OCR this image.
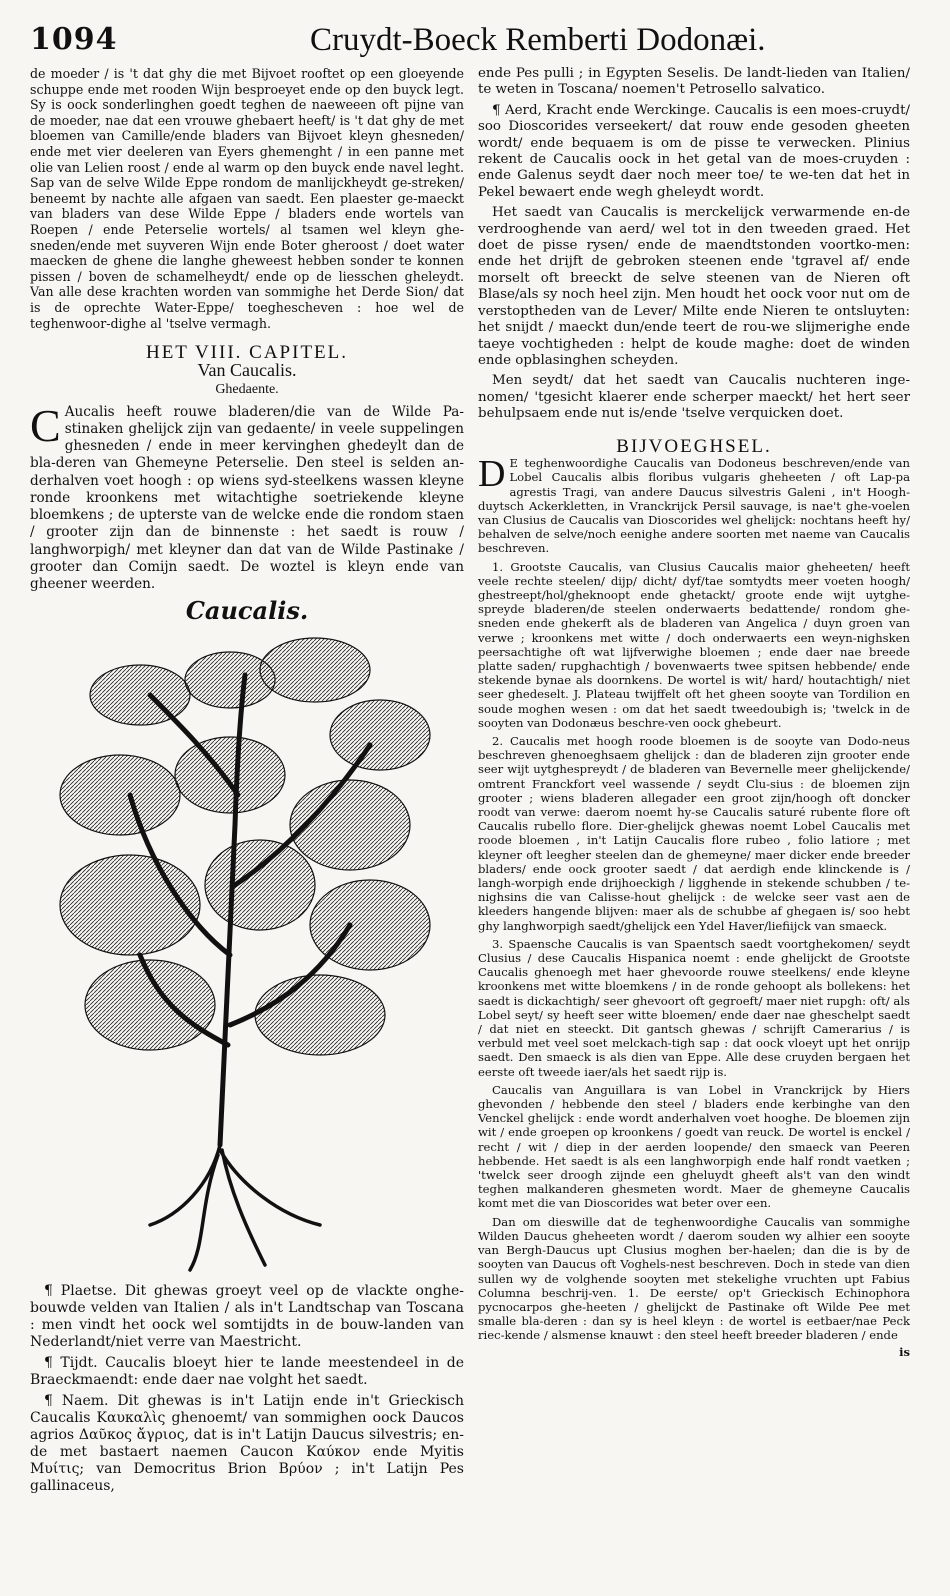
1094	Cruydt-Boeck Remberti Dodonæi.

de moeder / is 't dat ghy die met Bijvoet rooftet op een gloeyende schuppe ende met rooden Wijn besproeyet ende op den buyck legt. Sy is oock sonderlinghen goedt teghen de naeweeen oft pijne van de moeder, nae dat een vrouwe ghebaert heeft/ is 't dat ghy de met bloemen van Camille/ende bladers van Bijvoet kleyn ghesneden/ ende met vier deeleren van Eyers ghemenght / in een panne met olie van Lelien roost / ende al warm op den buyck ende navel leght. Sap van de selve Wilde Eppe rondom de manlijckheydt ge-streken/ beneemt by nachte alle afgaen van saedt. Een plaester ge-maeckt van bladers van dese Wilde Eppe / bladers ende wortels van Roepen / ende Peterselie wortels/ al tsamen wel kleyn ghe-sneden/ende met suyveren Wijn ende Boter gheroost / doet water maecken de ghene die langhe gheweest hebben sonder te konnen pissen / boven de schamelheydt/ ende op de liesschen gheleydt. Van alle dese krachten worden van sommighe het Derde Sion/ dat is de oprechte Water-Eppe/ toeghescheven : hoe wel de teghenwoor-dighe al 'tselve vermagh.

HET VIII. CAPITEL.
Van Caucalis.
Ghedaente.
C Aucalis heeft rouwe bladeren/die van de Wilde Pa-stinaken ghelijck zijn van gedaente/ in veele suppelingen ghesneden / ende in meer kervinghen ghedeylt dan de bla-deren van Ghemeyne Peterselie. Den steel is selden an-derhalven voet hoogh : op wiens syd-steelkens wassen kleyne ronde kroonkens met witachtighe soetriekende kleyne bloemkens ; de upterste van de welcke ende die rondom staen / grooter zijn dan de binnenste : het saedt is rouw / langhworpigh/ met kleyner dan dat van de Wilde Pastinake / grooter dan Comijn saedt. De woztel is kleyn ende van gheener weerden.
Caucalis.

¶ Plaetse. Dit ghewas groeyt veel op de vlackte onghe-bouwde velden van Italien / als in't Landtschap van Toscana : men vindt het oock wel somtijdts in de bouw-landen van Nederlandt/niet verre van Maestricht.

¶ Tijdt. Caucalis bloeyt hier te lande meestendeel in de Braeckmaendt: ende daer nae volght het saedt.

¶ Naem. Dit ghewas is in't Latijn ende in't Grieckisch Caucalis Καυκαλὶς ghenoemt/ van sommighen oock Daucos agrios Δαῦκος ἄγριος, dat is in't Latijn Daucus silvestris; en-de met bastaert naemen Caucon Καύκον ende Myitis Μυίτις; van Democritus Brion Βρύον ; in't Latijn Pes gallinaceus,

ende Pes pulli ; in Egypten Seselis. De landt-lieden van Italien/ te weten in Toscana/ noemen't Petrosello salvatico.

¶ Aerd, Kracht ende Werckinge. Caucalis is een moes-cruydt/ soo Dioscorides verseekert/ dat rouw ende gesoden gheeten wordt/ ende bequaem is om de pisse te verwecken. Plinius rekent de Caucalis oock in het getal van de moes-cruyden : ende Galenus seydt daer noch meer toe/ te we-ten dat het in Pekel bewaert ende wegh gheleydt wordt.

Het saedt van Caucalis is merckelijck verwarmende en-de verdrooghende van aerd/ wel tot in den tweeden graed. Het doet de pisse rysen/ ende de maendtstonden voortko-men: ende het drijft de gebroken steenen ende 'tgravel af/ ende morselt oft breeckt de selve steenen van de Nieren oft Blase/als sy noch heel zijn. Men houdt het oock voor nut om de verstoptheden van de Lever/ Milte ende Nieren te ontsluyten: het snijdt / maeckt dun/ende teert de rou-we slijmerighe ende taeye vochtigheden : helpt de koude maghe: doet de winden ende opblasinghen scheyden.

Men seydt/ dat het saedt van Caucalis nuchteren inge-nomen/ 'tgesicht klaerer ende scherper maeckt/ het hert seer behulpsaem ende nut is/ende 'tselve verquicken doet.

BIJVOEGHSEL.

D E teghenwoordighe Caucalis van Dodoneus beschreven/ende van Lobel Caucalis albis floribus vulgaris gheheeten / oft Lap-pa agrestis Tragi, van andere Daucus silvestris Galeni , in't Hoogh-duytsch Ackerkletten, in Vranckrijck Persil sauvage, is nae't ghe-voelen van Clusius de Caucalis van Dioscorides wel ghelijck: nochtans heeft hy/ behalven de selve/noch eenighe andere soorten met naeme van Caucalis beschreven.

1. Grootste Caucalis, van Clusius Caucalis maior gheheeten/ heeft veele rechte steelen/ dijp/ dicht/ dyf/tae somtydts meer voeten hoogh/ ghestreept/hol/gheknoopt ende ghetackt/ groote ende wijt uytghe-spreyde bladeren/de steelen onderwaerts bedattende/ rondom ghe-sneden ende ghekerft als de bladeren van Angelica / duyn groen van verwe ; kroonkens met witte / doch onderwaerts een weyn-nighsken peersachtighe oft wat lijfverwighe bloemen ; ende daer nae breede platte saden/ rupghachtigh / bovenwaerts twee spitsen hebbende/ ende stekende bynae als doornkens. De wortel is wit/ hard/ houtachtigh/ niet seer ghedeselt. J. Plateau twijffelt oft het gheen sooyte van Tordilion en soude moghen wesen : om dat het saedt tweedoubigh is; 'twelck in de sooyten van Dodonæus beschre-ven oock ghebeurt.

2. Caucalis met hoogh roode bloemen is de sooyte van Dodo-neus beschreven ghenoeghsaem ghelijck : dan de bladeren zijn grooter ende seer wijt uytghespreydt / de bladeren van Bevernelle meer ghelijckende/ omtrent Franckfort veel wassende / seydt Clu-sius : de bloemen zijn grooter ; wiens bladeren allegader een groot zijn/hoogh oft doncker roodt van verwe: daerom noemt hy-se Caucalis saturé rubente flore oft Caucalis rubello flore. Dier-ghelijck ghewas noemt Lobel Caucalis met roode bloemen , in't Latijn Caucalis flore rubeo , folio latiore ; met kleyner oft leegher steelen dan de ghemeyne/ maer dicker ende breeder bladers/ ende oock grooter saedt / dat aerdigh ende klinckende is / langh-worpigh ende drijhoeckigh / ligghende in stekende schubben / te-nighsins die van Calisse-hout ghelijck : de welcke seer vast aen de kleeders hangende blijven: maer als de schubbe af ghegaen is/ soo hebt ghy langhworpigh saedt/ghelijck een Ydel Haver/liefiijck van smaeck.

3. Spaensche Caucalis is van Spaentsch saedt voortghekomen/ seydt Clusius / dese Caucalis Hispanica noemt : ende ghelijckt de Grootste Caucalis ghenoegh met haer ghevoorde rouwe steelkens/ ende kleyne kroonkens met witte bloemkens / in de ronde gehoopt als bollekens: het saedt is dickachtigh/ seer ghevoort oft gegroeft/ maer niet rupgh: oft/ als Lobel seyt/ sy heeft seer witte bloemen/ ende daer nae gheschelpt saedt / dat niet en steeckt. Dit gantsch ghewas / schrijft Camerarius / is verbuld met veel soet melckach-tigh sap : dat oock vloeyt upt het onrijp saedt. Den smaeck is als dien van Eppe. Alle dese cruyden bergaen het eerste oft tweede iaer/als het saedt rijp is.

Caucalis van Anguillara is van Lobel in Vranckrijck by Hiers ghevonden / hebbende den steel / bladers ende kerbinghe van den Venckel ghelijck : ende wordt anderhalven voet hooghe. De bloemen zijn wit / ende groepen op kroonkens / goedt van reuck. De wortel is enckel / recht / wit / diep in der aerden loopende/ den smaeck van Peeren hebbende. Het saedt is als een langhworpigh ende half rondt vaetken ; 'twelck seer droogh zijnde een gheluydt gheeft als't van den windt teghen malkanderen ghesmeten wordt. Maer de ghemeyne Caucalis komt met die van Dioscorides wat beter over een.

Dan om dieswille dat de teghenwoordighe Caucalis van sommighe Wilden Daucus gheheeten wordt / daerom souden wy alhier een sooyte van Bergh-Daucus upt Clusius moghen ber-haelen; dan die is by de sooyten van Daucus oft Voghels-nest beschreven. Doch in stede van dien sullen wy de volghende sooyten met stekelighe vruchten upt Fabius Columna beschrij-ven. 1. De eerste/ op't Grieckisch Echinophora pycnocarpos ghe-heeten / ghelijckt de Pastinake oft Wilde Pee met smalle bla-deren : dan sy is heel kleyn : de wortel is eetbaer/nae Peck riec-kende / alsmense knauwt : den steel heeft breeder bladeren / ende

is
